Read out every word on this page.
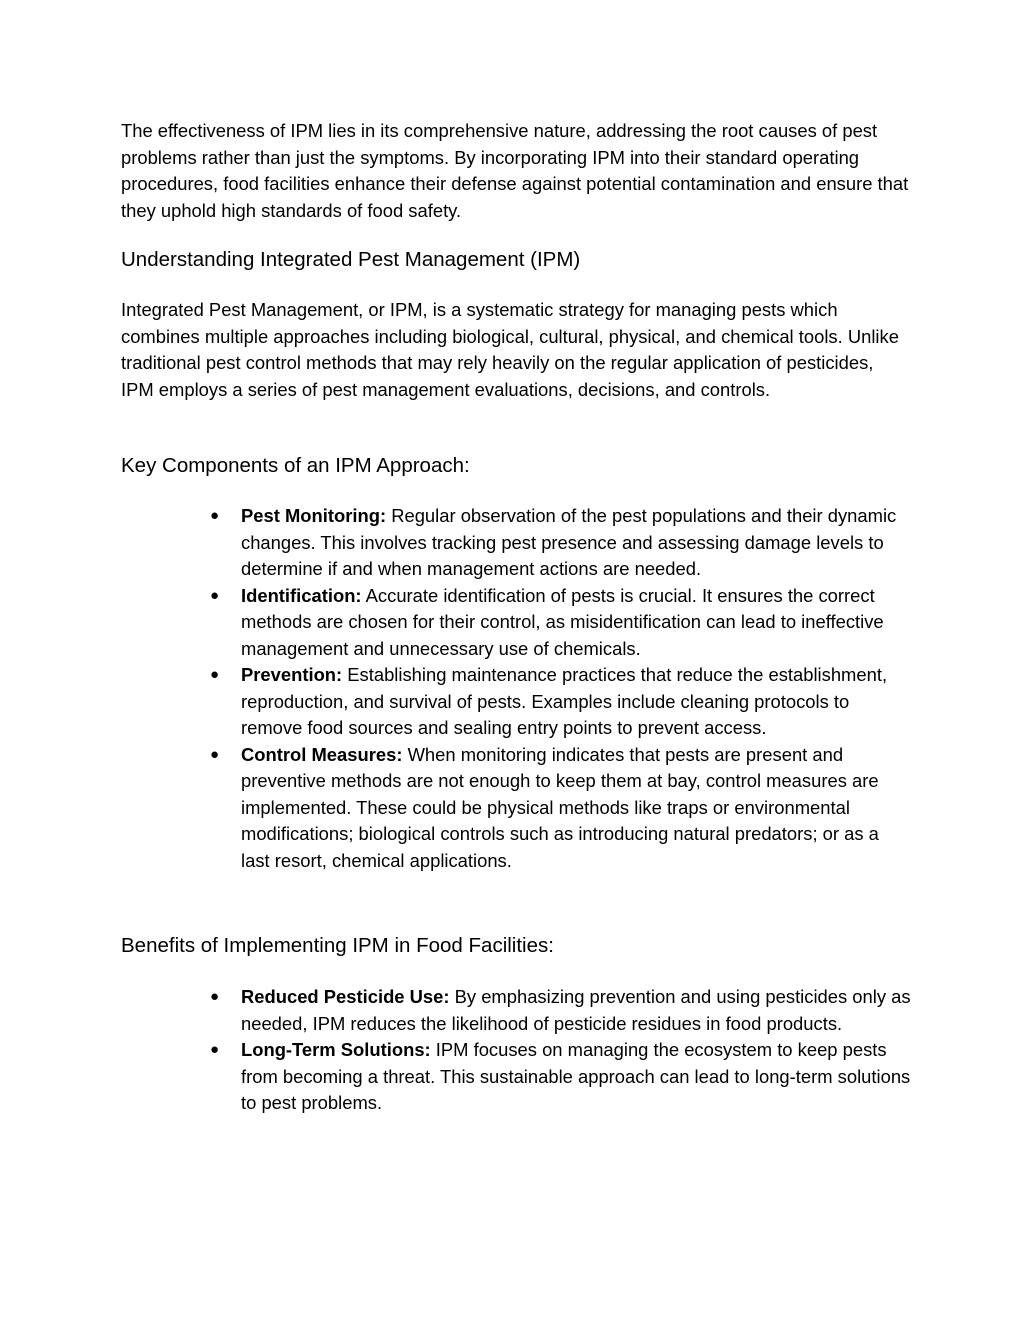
The effectiveness of IPM lies in its comprehensive nature, addressing the root causes of pest problems rather than just the symptoms. By incorporating IPM into their standard operating procedures, food facilities enhance their defense against potential contamination and ensure that they uphold high standards of food safety.

Understanding Integrated Pest Management (IPM)

Integrated Pest Management, or IPM, is a systematic strategy for managing pests which combines multiple approaches including biological, cultural, physical, and chemical tools. Unlike traditional pest control methods that may rely heavily on the regular application of pesticides, IPM employs a series of pest management evaluations, decisions, and controls.

Key Components of an IPM Approach:
● Pest Monitoring: Regular observation of the pest populations and their dynamic changes. This involves tracking pest presence and assessing damage levels to determine if and when management actions are needed.
● Identification: Accurate identification of pests is crucial. It ensures the correct methods are chosen for their control, as misidentification can lead to ineffective management and unnecessary use of chemicals.
● Prevention: Establishing maintenance practices that reduce the establishment, reproduction, and survival of pests. Examples include cleaning protocols to remove food sources and sealing entry points to prevent access.
● Control Measures: When monitoring indicates that pests are present and preventive methods are not enough to keep them at bay, control measures are implemented. These could be physical methods like traps or environmental modifications; biological controls such as introducing natural predators; or as a last resort, chemical applications.
Benefits of Implementing IPM in Food Facilities:
● Reduced Pesticide Use: By emphasizing prevention and using pesticides only as needed, IPM reduces the likelihood of pesticide residues in food products.
● Long-Term Solutions: IPM focuses on managing the ecosystem to keep pests from becoming a threat. This sustainable approach can lead to long-term solutions to pest problems.
